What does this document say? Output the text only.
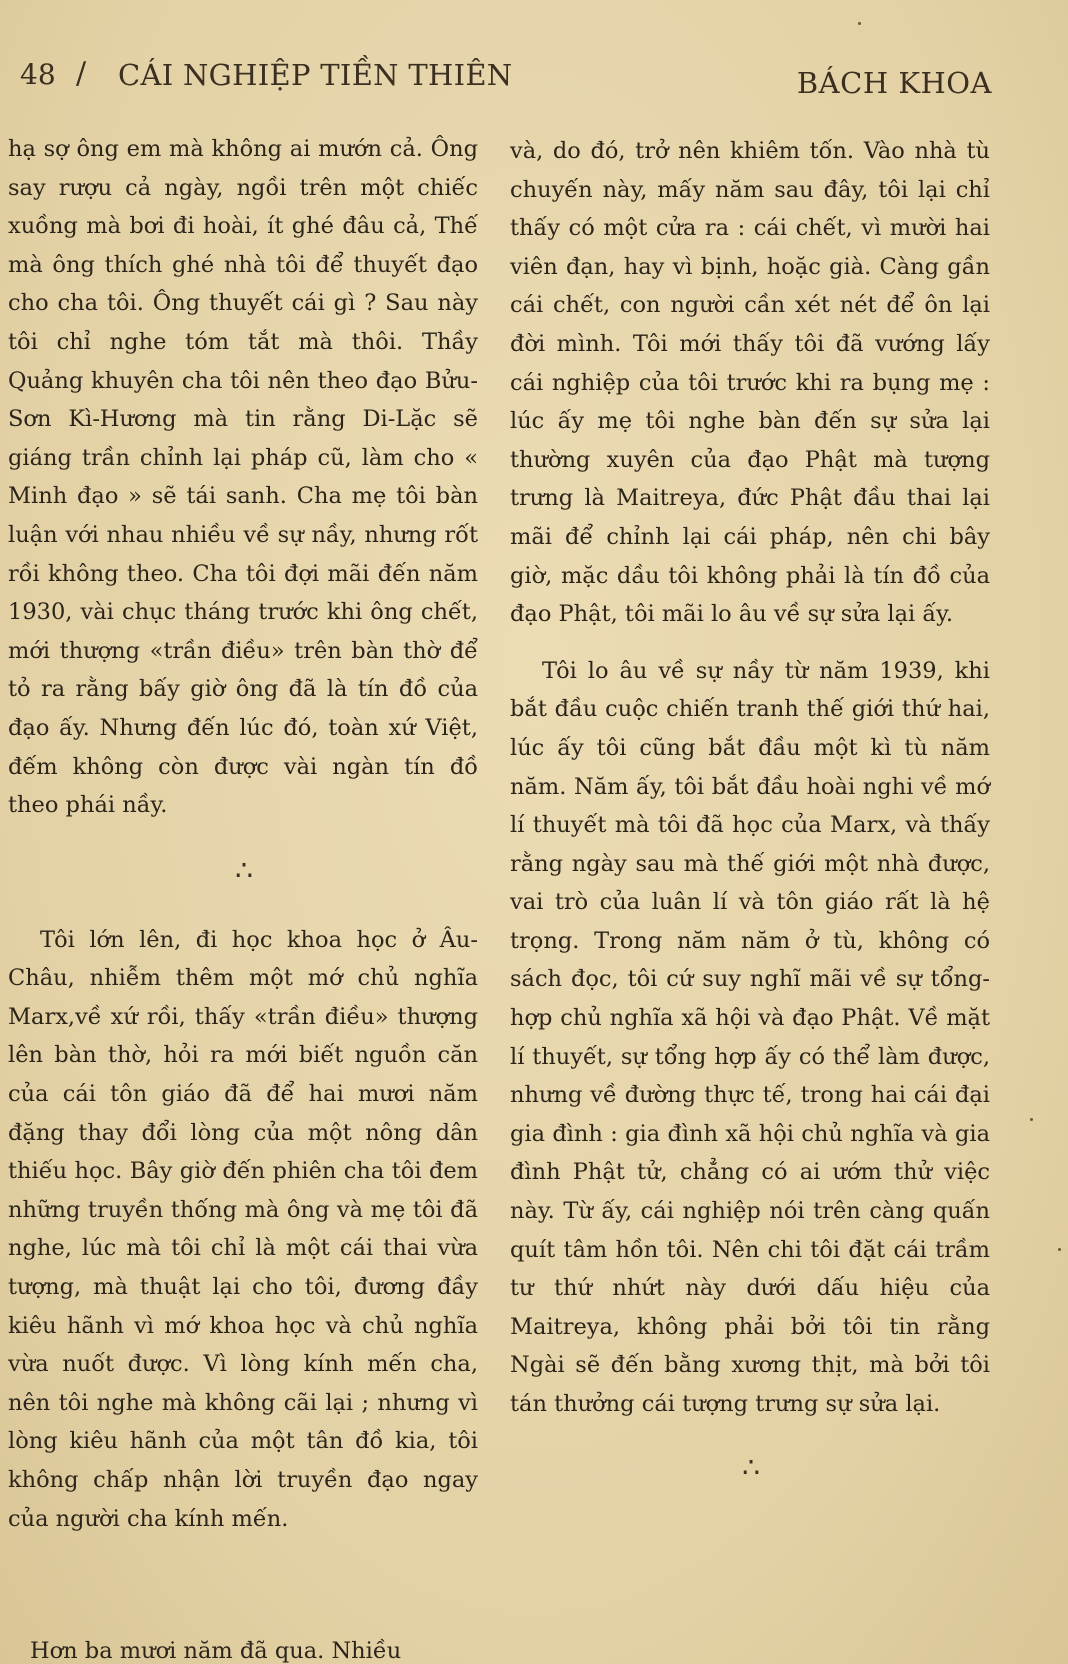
48 / CÁI NGHIỆP TIỀN THIÊN	BÁCH KHOA

hạ sợ ông em mà không ai mướn cả. Ông say rượu cả ngày, ngồi trên một chiếc xuồng mà bơi đi hoài, ít ghé đâu cả, Thế mà ông thích ghé nhà tôi để thuyết đạo cho cha tôi. Ông thuyết cái gì ? Sau này tôi chỉ nghe tóm tắt mà thôi. Thầy Quảng khuyên cha tôi nên theo đạo Bửu-Sơn Kì-Hương mà tin rằng Di-Lặc sẽ giáng trần chỉnh lại pháp cũ, làm cho « Minh đạo » sẽ tái sanh. Cha mẹ tôi bàn luận với nhau nhiều về sự nầy, nhưng rốt rồi không theo. Cha tôi đợi mãi đến năm 1930, vài chục tháng trước khi ông chết, mới thượng «trần điều» trên bàn thờ để tỏ ra rằng bấy giờ ông đã là tín đồ của đạo ấy. Nhưng đến lúc đó, toàn xứ Việt, đếm không còn được vài ngàn tín đồ theo phái nầy.

∴

Tôi lớn lên, đi học khoa học ở Âu-Châu, nhiễm thêm một mớ chủ nghĩa Marx,về xứ rồi, thấy «trần điều» thượng lên bàn thờ, hỏi ra mới biết nguồn căn của cái tôn giáo đã để hai mươi năm đặng thay đổi lòng của một nông dân thiếu học. Bây giờ đến phiên cha tôi đem những truyền thống mà ông và mẹ tôi đã nghe, lúc mà tôi chỉ là một cái thai vừa tượng, mà thuật lại cho tôi, đương đầy kiêu hãnh vì mớ khoa học và chủ nghĩa vừa nuốt được. Vì lòng kính mến cha, nên tôi nghe mà không cãi lại ; nhưng vì lòng kiêu hãnh của một tân đồ kia, tôi không chấp nhận lời truyền đạo ngay của người cha kính mến.

Hơn ba mươi năm đã qua. Nhiều

và, do đó, trở nên khiêm tốn. Vào nhà tù chuyến này, mấy năm sau đây, tôi lại chỉ thấy có một cửa ra : cái chết, vì mười hai viên đạn, hay vì bịnh, hoặc già. Càng gần cái chết, con người cần xét nét để ôn lại đời mình. Tôi mới thấy tôi đã vướng lấy cái nghiệp của tôi trước khi ra bụng mẹ : lúc ấy mẹ tôi nghe bàn đến sự sửa lại thường xuyên của đạo Phật mà tượng trưng là Maitreya, đức Phật đầu thai lại mãi để chỉnh lại cái pháp, nên chi bây giờ, mặc dầu tôi không phải là tín đồ của đạo Phật, tôi mãi lo âu về sự sửa lại ấy.

Tôi lo âu về sự nầy từ năm 1939, khi bắt đầu cuộc chiến tranh thế giới thứ hai, lúc ấy tôi cũng bắt đầu một kì tù năm năm. Năm ấy, tôi bắt đầu hoài nghi về mớ lí thuyết mà tôi đã học của Marx, và thấy rằng ngày sau mà thế giới một nhà được, vai trò của luân lí và tôn giáo rất là hệ trọng. Trong năm năm ở tù, không có sách đọc, tôi cứ suy nghĩ mãi về sự tổng-hợp chủ nghĩa xã hội và đạo Phật. Về mặt lí thuyết, sự tổng hợp ấy có thể làm được, nhưng về đường thực tế, trong hai cái đại gia đình : gia đình xã hội chủ nghĩa và gia đình Phật tử, chẳng có ai ướm thử việc này. Từ ấy, cái nghiệp nói trên càng quấn quít tâm hồn tôi. Nên chi tôi đặt cái trầm tư thứ nhứt này dưới dấu hiệu của Maitreya, không phải bởi tôi tin rằng Ngài sẽ đến bằng xương thịt, mà bởi tôi tán thưởng cái tượng trưng sự sửa lại.

∴
